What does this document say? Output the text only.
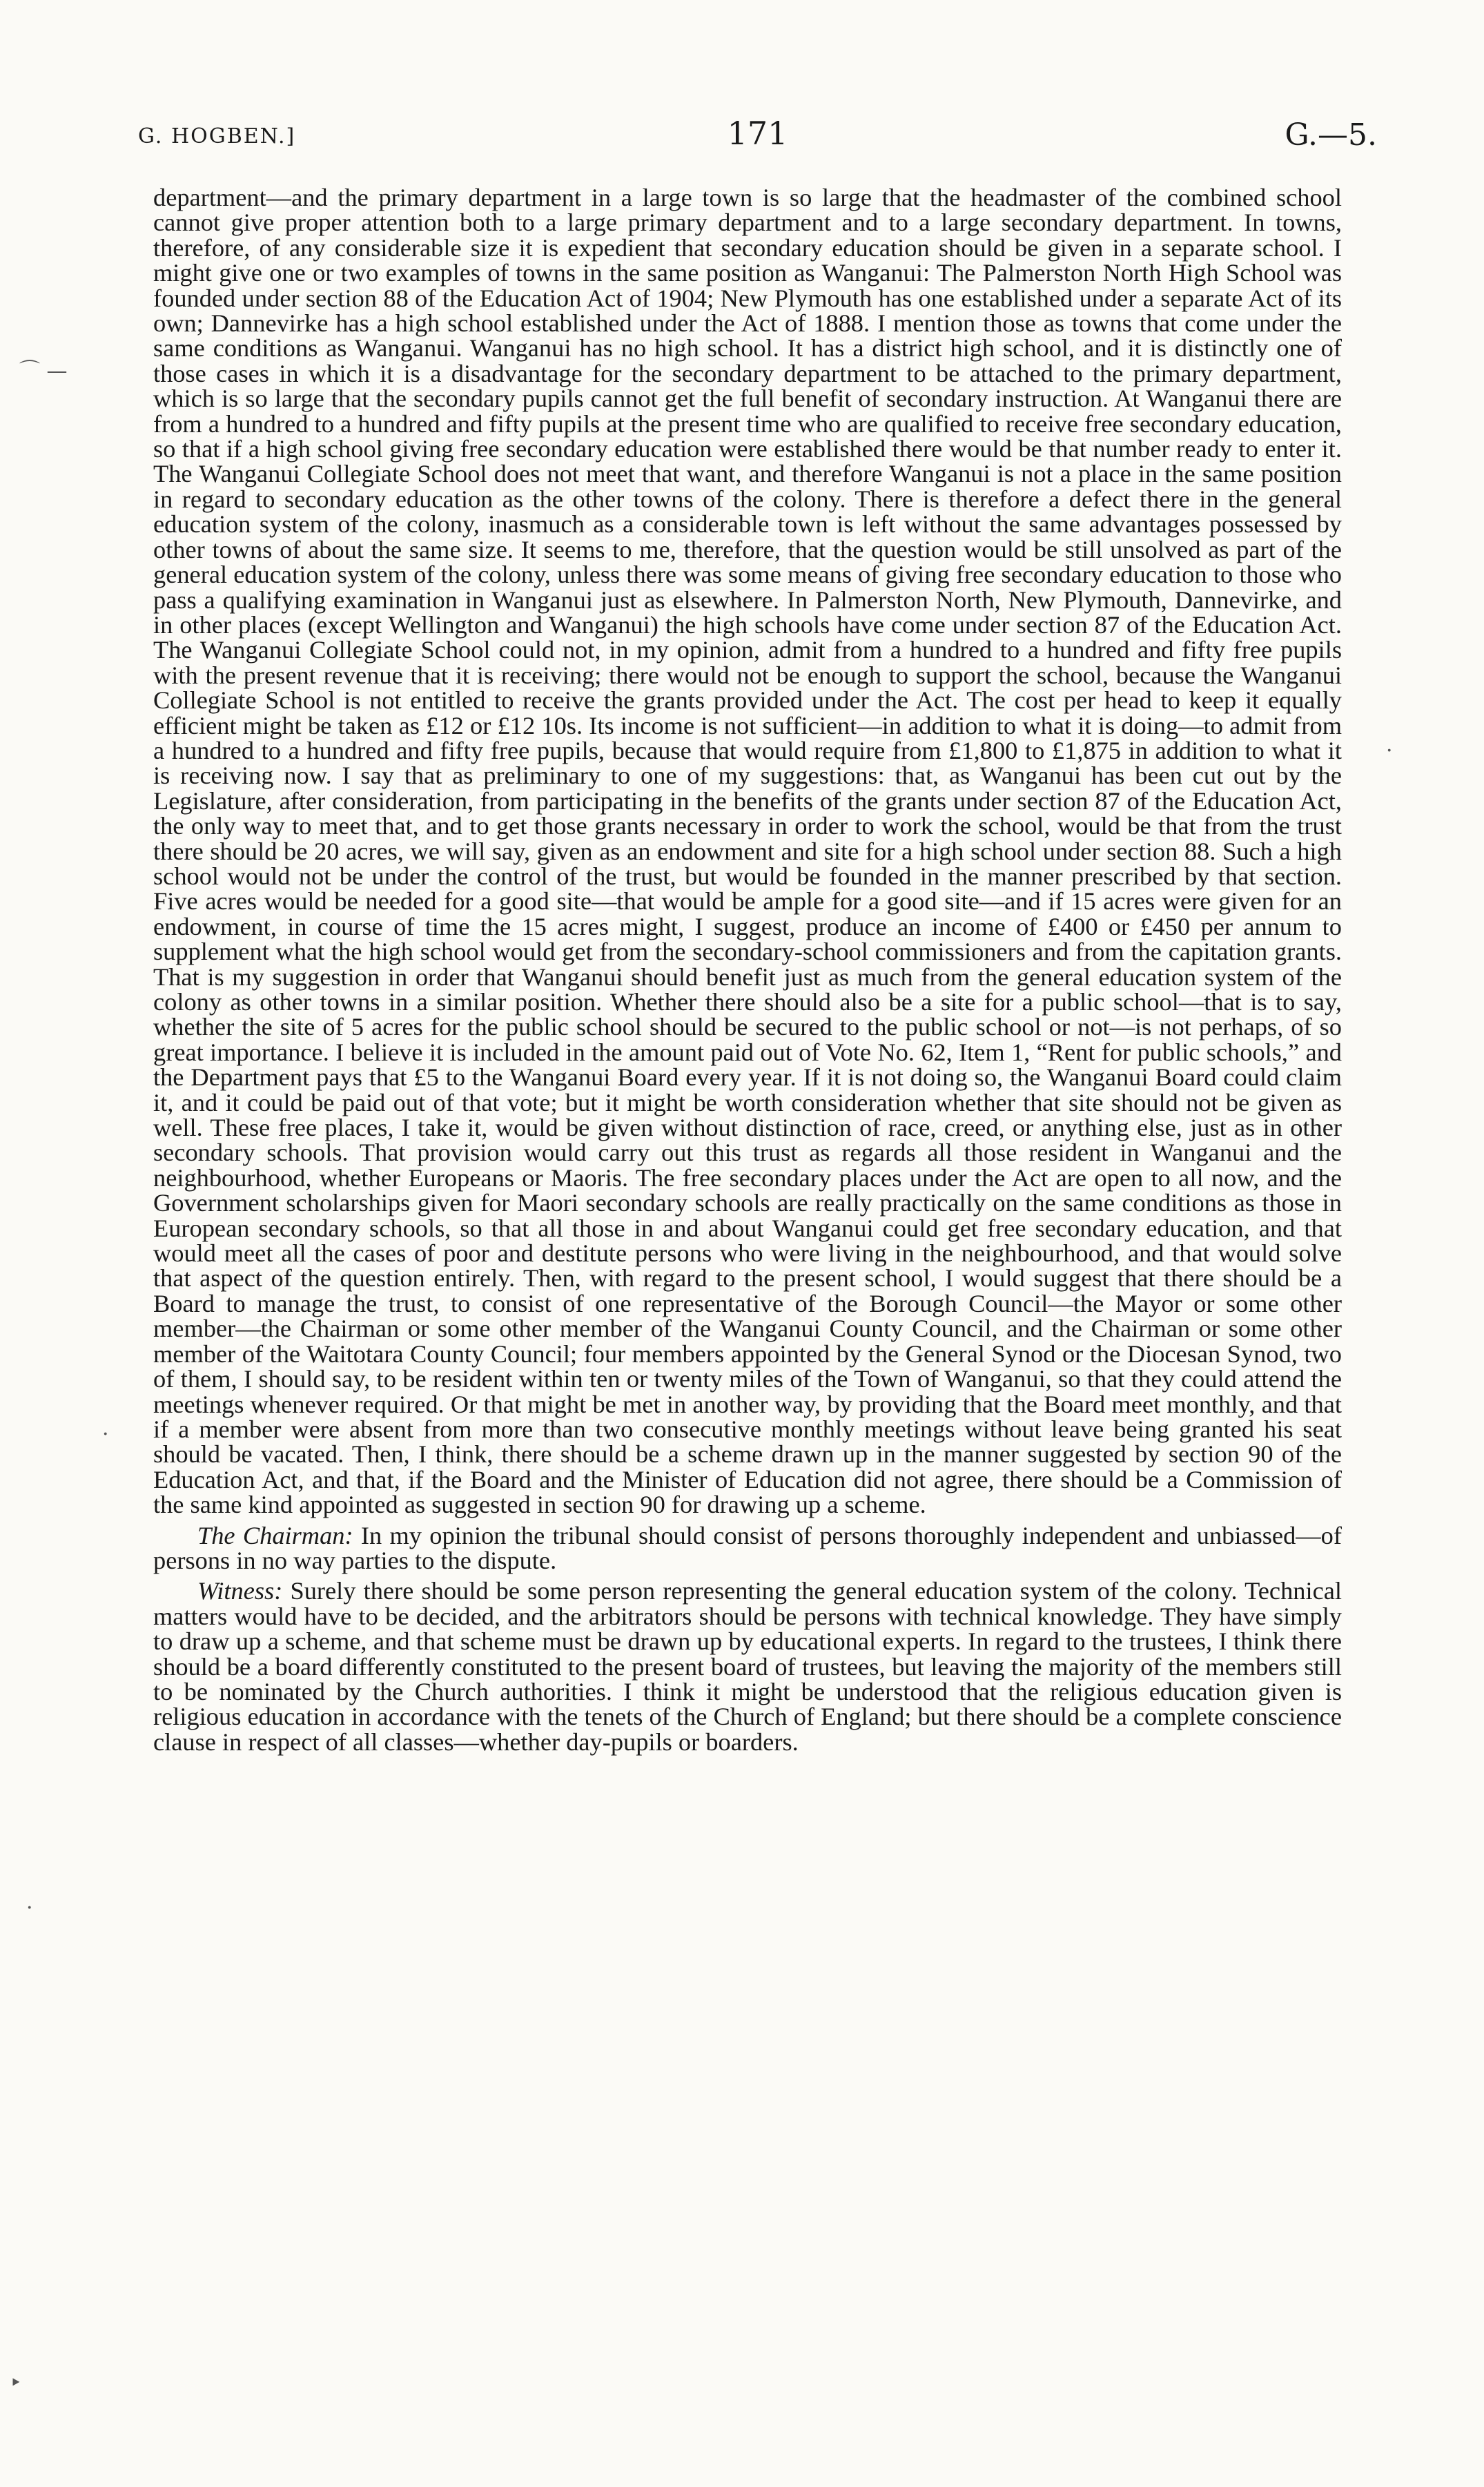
G. HOGBEN.]	171	G.—5.
⌒ —
·
·
·
‣

department—and the primary department in a large town is so large that the headmaster of the combined school cannot give proper attention both to a large primary department and to a large secondary department. In towns, therefore, of any considerable size it is expedient that secondary education should be given in a separate school. I might give one or two examples of towns in the same position as Wanganui: The Palmerston North High School was founded under section 88 of the Education Act of 1904; New Plymouth has one established under a separate Act of its own; Dannevirke has a high school established under the Act of 1888. I mention those as towns that come under the same conditions as Wanganui. Wanganui has no high school. It has a district high school, and it is distinctly one of those cases in which it is a disadvantage for the secondary department to be attached to the primary department, which is so large that the secondary pupils cannot get the full benefit of secondary instruction. At Wanganui there are from a hundred to a hundred and fifty pupils at the present time who are qualified to receive free secondary education, so that if a high school giving free secondary education were established there would be that number ready to enter it. The Wanganui Collegiate School does not meet that want, and therefore Wanganui is not a place in the same position in regard to secondary education as the other towns of the colony. There is therefore a defect there in the general education system of the colony, inasmuch as a considerable town is left without the same advantages possessed by other towns of about the same size. It seems to me, therefore, that the question would be still unsolved as part of the general education system of the colony, unless there was some means of giving free secondary education to those who pass a qualifying examination in Wanganui just as elsewhere. In Palmerston North, New Plymouth, Dannevirke, and in other places (except Wellington and Wanganui) the high schools have come under section 87 of the Education Act. The Wanganui Collegiate School could not, in my opinion, admit from a hundred to a hundred and fifty free pupils with the present revenue that it is receiving; there would not be enough to support the school, because the Wanganui Collegiate School is not entitled to receive the grants provided under the Act. The cost per head to keep it equally efficient might be taken as £12 or £12 10s. Its income is not sufficient—in addition to what it is doing—to admit from a hundred to a hundred and fifty free pupils, because that would require from £1,800 to £1,875 in addition to what it is receiving now. I say that as preliminary to one of my suggestions: that, as Wanganui has been cut out by the Legislature, after consideration, from participating in the benefits of the grants under section 87 of the Education Act, the only way to meet that, and to get those grants necessary in order to work the school, would be that from the trust there should be 20 acres, we will say, given as an endowment and site for a high school under section 88. Such a high school would not be under the control of the trust, but would be founded in the manner prescribed by that section. Five acres would be needed for a good site—that would be ample for a good site—and if 15 acres were given for an endowment, in course of time the 15 acres might, I suggest, produce an income of £400 or £450 per annum to supplement what the high school would get from the secondary-school commissioners and from the capitation grants. That is my suggestion in order that Wanganui should benefit just as much from the general education system of the colony as other towns in a similar position. Whether there should also be a site for a public school—that is to say, whether the site of 5 acres for the public school should be secured to the public school or not—is not perhaps, of so great importance. I believe it is included in the amount paid out of Vote No. 62, Item 1, “Rent for public schools,” and the Department pays that £5 to the Wanganui Board every year. If it is not doing so, the Wanganui Board could claim it, and it could be paid out of that vote; but it might be worth consideration whether that site should not be given as well. These free places, I take it, would be given without distinction of race, creed, or anything else, just as in other secondary schools. That provision would carry out this trust as regards all those resident in Wanganui and the neighbourhood, whether Europeans or Maoris. The free secondary places under the Act are open to all now, and the Government scholarships given for Maori secondary schools are really practically on the same conditions as those in European secondary schools, so that all those in and about Wanganui could get free secondary education, and that would meet all the cases of poor and destitute persons who were living in the neighbourhood, and that would solve that aspect of the question entirely. Then, with regard to the present school, I would suggest that there should be a Board to manage the trust, to consist of one representative of the Borough Council—the Mayor or some other member—the Chairman or some other member of the Wanganui County Council, and the Chairman or some other member of the Waitotara County Council; four members appointed by the General Synod or the Diocesan Synod, two of them, I should say, to be resident within ten or twenty miles of the Town of Wanganui, so that they could attend the meetings whenever required. Or that might be met in another way, by providing that the Board meet monthly, and that if a member were absent from more than two consecutive monthly meetings without leave being granted his seat should be vacated. Then, I think, there should be a scheme drawn up in the manner suggested by section 90 of the Education Act, and that, if the Board and the Minister of Education did not agree, there should be a Commission of the same kind appointed as suggested in section 90 for drawing up a scheme.

The Chairman: In my opinion the tribunal should consist of persons thoroughly independent and unbiassed—of persons in no way parties to the dispute.

Witness: Surely there should be some person representing the general education system of the colony. Technical matters would have to be decided, and the arbitrators should be persons with technical knowledge. They have simply to draw up a scheme, and that scheme must be drawn up by educational experts. In regard to the trustees, I think there should be a board differently constituted to the present board of trustees, but leaving the majority of the members still to be nominated by the Church authorities. I think it might be understood that the religious education given is religious education in accordance with the tenets of the Church of England; but there should be a complete conscience clause in respect of all classes—whether day-pupils or boarders.
